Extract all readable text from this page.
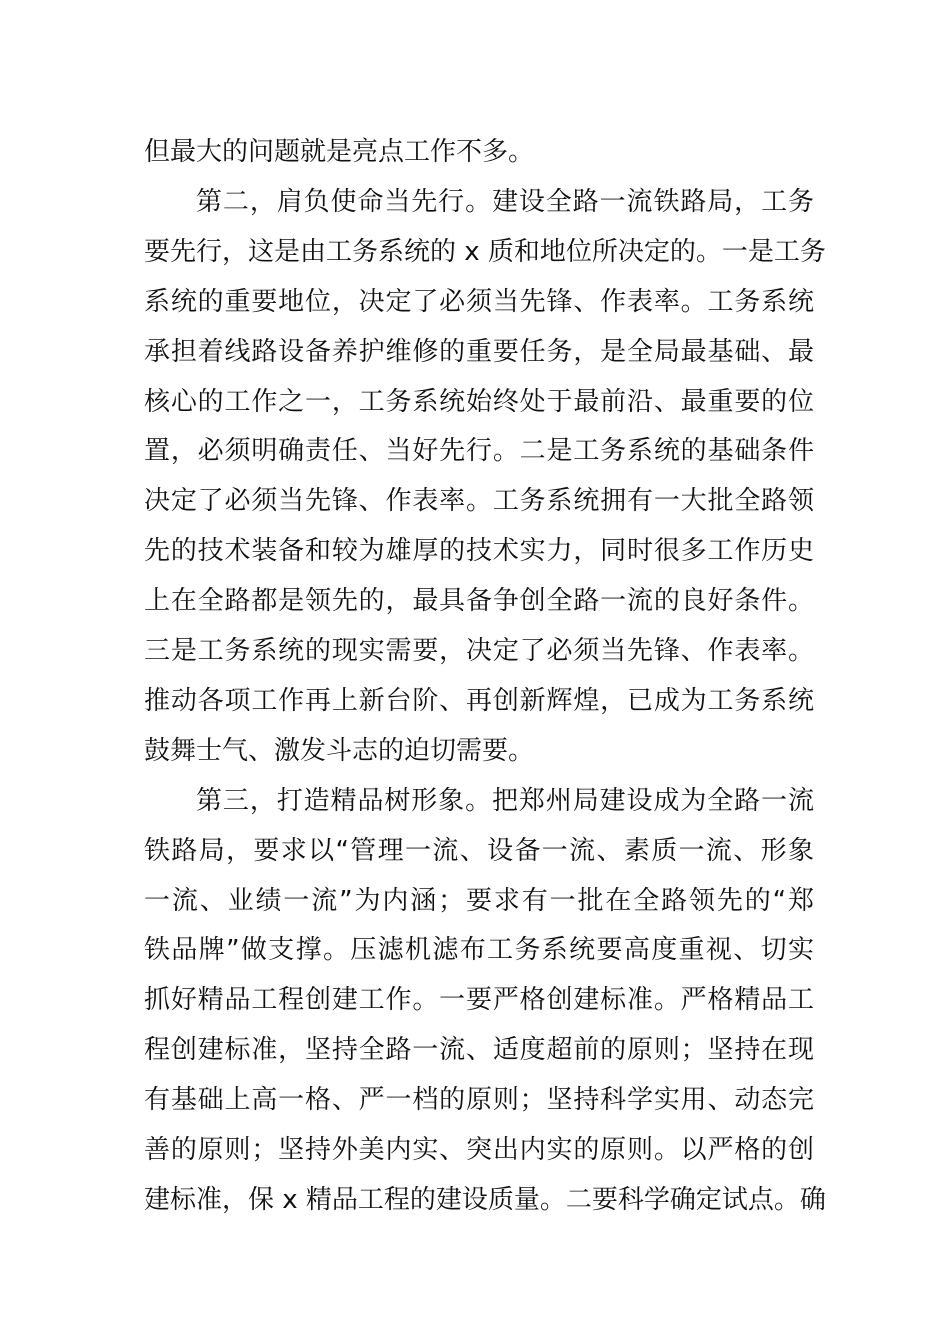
但最大的问题就是亮点工作不多。
第二，肩负使命当先行。建设全路一流铁路局，工务
要先行，这是由工务系统的 x 质和地位所决定的。一是工务
系统的重要地位，决定了必须当先锋、作表率。工务系统
承担着线路设备养护维修的重要任务，是全局最基础、最
核心的工作之一，工务系统始终处于最前沿、最重要的位
置，必须明确责任、当好先行。二是工务系统的基础条件
决定了必须当先锋、作表率。工务系统拥有一大批全路领
先的技术装备和较为雄厚的技术实力，同时很多工作历史
上在全路都是领先的，最具备争创全路一流的良好条件。
三是工务系统的现实需要，决定了必须当先锋、作表率。
推动各项工作再上新台阶、再创新辉煌，已成为工务系统
鼓舞士气、激发斗志的迫切需要。
第三，打造精品树形象。把郑州局建设成为全路一流
铁路局，要求以“管理一流、设备一流、素质一流、形象
一流、业绩一流”为内涵；要求有一批在全路领先的“郑
铁品牌”做支撑。压滤机滤布工务系统要高度重视、切实
抓好精品工程创建工作。一要严格创建标准。严格精品工
程创建标准，坚持全路一流、适度超前的原则；坚持在现
有基础上高一格、严一档的原则；坚持科学实用、动态完
善的原则；坚持外美内实、突出内实的原则。以严格的创
建标准，保 x 精品工程的建设质量。二要科学确定试点。确
